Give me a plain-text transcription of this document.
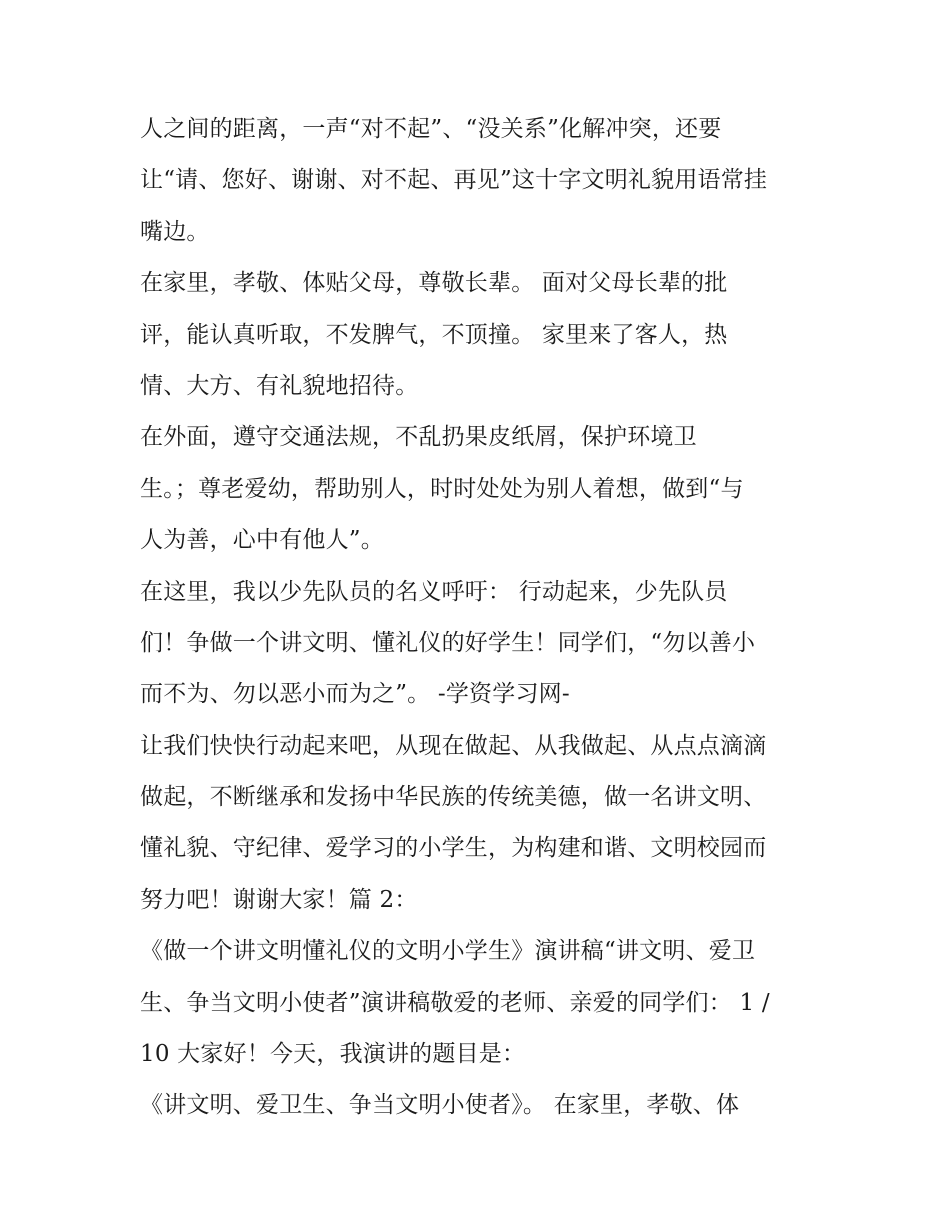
人之间的距离，一声“对不起”、“没关系”化解冲突，还要
让“请、您好、谢谢、对不起、再见”这十字文明礼貌用语常挂
嘴边。
在家里，孝敬、体贴父母，尊敬长辈。 面对父母长辈的批
评，能认真听取，不发脾气，不顶撞。 家里来了客人，热
情、大方、有礼貌地招待。
在外面，遵守交通法规，不乱扔果皮纸屑，保护环境卫
生。；尊老爱幼，帮助别人，时时处处为别人着想，做到“与
人为善，心中有他人”。
在这里，我以少先队员的名义呼吁： 行动起来，少先队员
们！争做一个讲文明、懂礼仪的好学生！同学们，“勿以善小
而不为、勿以恶小而为之”。 -学资学习网-
让我们快快行动起来吧，从现在做起、从我做起、从点点滴滴
做起，不断继承和发扬中华民族的传统美德，做一名讲文明、
懂礼貌、守纪律、爱学习的小学生，为构建和谐、文明校园而
努力吧！谢谢大家！篇 2：
《做一个讲文明懂礼仪的文明小学生》演讲稿“讲文明、爱卫
生、争当文明小使者”演讲稿敬爱的老师、亲爱的同学们： 1 /
10 大家好！今天，我演讲的题目是：
《讲文明、爱卫生、争当文明小使者》。 在家里，孝敬、体
